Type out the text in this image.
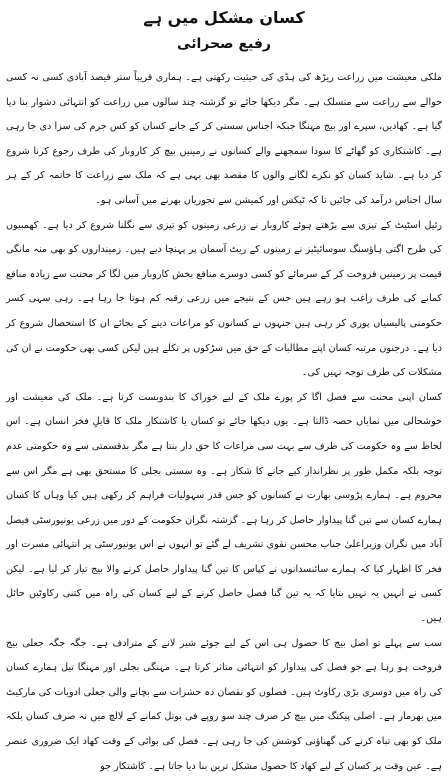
کسان مشکل میں ہے
رفیع صحرائی

ملکی معیشت میں زراعت ریڑھ کی ہڈی کی حیثیت رکھتی ہے۔ ہماری قریباً ستر فیصد آبادی کسی نہ کسی حوالے سے زراعت سے منسلک ہے۔ مگر دیکھا جائے تو گزشتہ چند سالوں میں زراعت کو انتہائی دشوار بنا دیا گیا ہے۔ کھادیں، سپرے اور بیج مہنگا جبکہ اجناس سستی کر کے جانے کسان کو کس جرم کی سزا دی جا رہی ہے۔ کاشتکاری کو گھاٹے کا سودا سمجھنے والے کسانوں نے زمینیں بیچ کر کاروبار کی طرف رجوع کرنا شروع کر دیا ہے۔ شاید کسان کو نکرے لگانے والوں کا مقصد بھی یہی ہے کہ ملک سے زراعت کا خاتمہ کر کے ہر سال اجناس درآمد کی جائیں تا کہ ٹیکس اور کمیشن سے تجوریاں بھرنے میں آسانی ہو۔

رئیل اسٹیٹ کے تیزی سے بڑھتے ہوئے کاروبار نے زرعی زمینوں کو تیزی سے نگلنا شروع کر دیا ہے۔ کھمبیوں کی طرح اگتی ہاؤسنگ سوسائیٹیز نے زمینوں کے ریٹ آسمان پر پہنچا دیے ہیں۔ زمینداروں کو بھی منہ مانگی قیمت پر زمینیں فروخت کر کے سرمائے کو کسی دوسرے منافع بخش کاروبار میں لگا کر محنت سے زیادہ منافع کمانے کی طرف راغب ہو رہے ہیں جس کے نتیجے میں زرعی رقبہ کم ہوتا جا رہا ہے۔ رہی سہی کسر حکومتی پالیسیاں پوری کر رہی ہیں جنہوں نے کسانوں کو مراعات دینے کے بجائے ان کا استحصال شروع کر دیا ہے۔ درجنوں مرتبہ کسان اپنے مطالبات کے حق میں سڑکوں پر نکلے ہیں لیکن کسی بھی حکومت نے ان کی مشکلات کی طرف توجہ نہیں کی۔

کسان اپنی محنت سے فصل اگا کر پورے ملک کے لیے خوراک کا بندوبست کرتا ہے۔ ملک کی معیشت اور خوشحالی میں نمایاں حصہ ڈالتا ہے۔ یوں دیکھا جائے تو کسان یا کاشتکار ملک کا قابلِ فخر انسان ہے۔ اس لحاظ سے وہ حکومت کی طرف سے بہت سی مراعات کا حق دار بنتا ہے مگر بدقسمتی سے وہ حکومتی عدم توجہ بلکہ مکمل طور پر نظرانداز کیے جانے کا شکار ہے۔ وہ سستی بجلی کا مستحق بھی ہے مگر اس سے محروم ہے۔ ہمارے پڑوسی بھارت نے کسانوں کو جس قدر سہولیات فراہم کر رکھی ہیں کیا وہاں کا کسان ہمارے کسان سے تین گنا پیداوار حاصل کر رہا ہے۔ گزشتہ نگران حکومت کے دور میں زرعی یونیورسٹی فیصل آباد میں نگران وزیراعلیٰ جناب محسن نقوی تشریف لے گئے تو انہوں نے اس یونیورسٹی پر انتہائی مسرت اور فخر کا اظہار کیا کہ ہمارے سائنسدانوں نے کپاس کا تین گنا پیداوار حاصل کرنے والا بیج تیار کر لیا ہے۔ لیکن کسی نے انہیں یہ نہیں بتایا کہ یہ تین گنا فصل حاصل کرنے کے لیے کسان کی راہ میں کتنی رکاوٹیں حائل ہیں۔

سب سے پہلے تو اصل بیج کا حصول ہی اس کے لیے جوئے شیر لانے کے مترادف ہے۔ جگہ جگہ جعلی بیج فروخت ہو رہا ہے جو فصل کی پیداوار کو انتہائی متاثر کرتا ہے۔ مہنگی بجلی اور مہنگا تیل ہمارے کسان کی راہ میں دوسری بڑی رکاوٹ ہیں۔ فصلوں کو نقصان دہ حشرات سے بچانے والی جعلی ادویات کی مارکیٹ میں بھرمار ہے۔ اصلی پیکنگ میں بیچ کر صرف چند سو روپے فی بوتل کمانے کے لالچ میں نہ صرف کسان بلکہ ملک کو بھی تباہ کرنے کی گھناؤنی کوشش کی جا رہی ہے۔ فصل کی بوائی کے وقت کھاد ایک ضروری عنصر ہے۔ عین وقت پر کسان کے لیے کھاد کا حصول مشکل ترین بنا دیا جاتا ہے۔ کاشتکار جو
